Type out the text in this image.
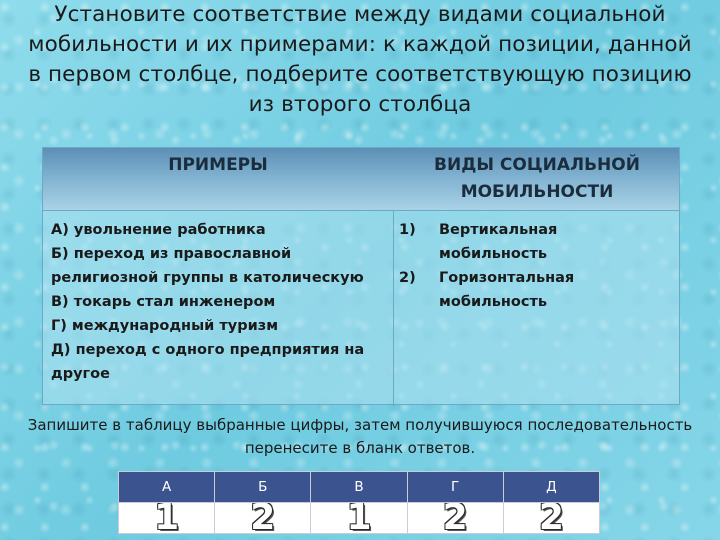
Установите соответствие между видами социальной
мобильности и их примерами: к каждой позиции, данной
в первом столбце, подберите соответствующую позицию
из второго столбца
ПРИМЕРЫ	ВИДЫ СОЦИАЛЬНОЙ
МОБИЛЬНОСТИ
А) увольнение работника
Б) переход из православной
религиозной группы в католическую
В) токарь стал инженером
Г) международный туризм
Д) переход с одного предприятия на
другое
1) Вертикальная
мобильность
2) Горизонтальная
мобильность
Запишите в таблицу выбранные цифры, затем получившуюся последовательность
перенесите в бланк ответов.
А	Б	В	Г	Д
1	2	1	2	2
